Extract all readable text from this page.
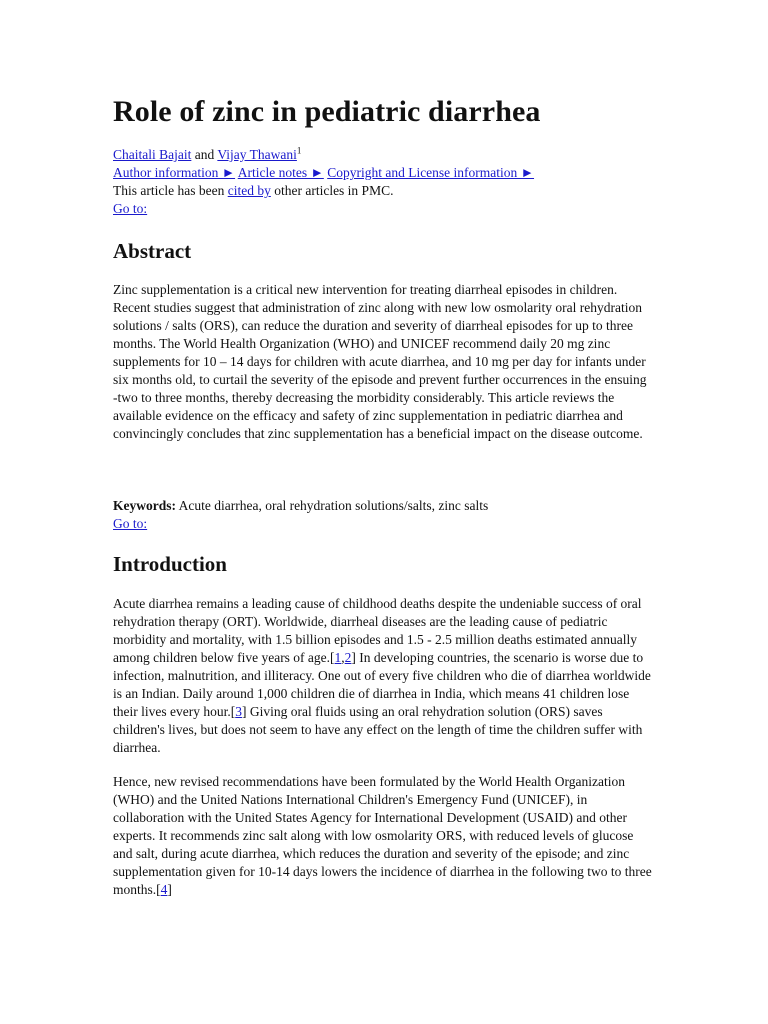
Role of zinc in pediatric diarrhea
Chaitali Bajait and Vijay Thawani$^1$
Author information ► Article notes ► Copyright and License information ►
This article has been cited by other articles in PMC.
Go to:
Abstract

Zinc supplementation is a critical new intervention for treating diarrheal episodes in children. Recent studies suggest that administration of zinc along with new low osmolarity oral rehydration solutions / salts (ORS), can reduce the duration and severity of diarrheal episodes for up to three months. The World Health Organization (WHO) and UNICEF recommend daily 20 mg zinc supplements for 10 – 14 days for children with acute diarrhea, and 10 mg per day for infants under six months old, to curtail the severity of the episode and prevent further occurrences in the ensuing -two to three months, thereby decreasing the morbidity considerably. This article reviews the available evidence on the efficacy and safety of zinc supplementation in pediatric diarrhea and convincingly concludes that zinc supplementation has a beneficial impact on the disease outcome.

Keywords: Acute diarrhea, oral rehydration solutions/salts, zinc salts
Go to:
Introduction

Acute diarrhea remains a leading cause of childhood deaths despite the undeniable success of oral rehydration therapy (ORT). Worldwide, diarrheal diseases are the leading cause of pediatric morbidity and mortality, with 1.5 billion episodes and 1.5 - 2.5 million deaths estimated annually among children below five years of age.[1,2] In developing countries, the scenario is worse due to infection, malnutrition, and illiteracy. One out of every five children who die of diarrhea worldwide is an Indian. Daily around 1,000 children die of diarrhea in India, which means 41 children lose their lives every hour.[3] Giving oral fluids using an oral rehydration solution (ORS) saves children's lives, but does not seem to have any effect on the length of time the children suffer with diarrhea.

Hence, new revised recommendations have been formulated by the World Health Organization (WHO) and the United Nations International Children's Emergency Fund (UNICEF), in collaboration with the United States Agency for International Development (USAID) and other experts. It recommends zinc salt along with low osmolarity ORS, with reduced levels of glucose and salt, during acute diarrhea, which reduces the duration and severity of the episode; and zinc supplementation given for 10-14 days lowers the incidence of diarrhea in the following two to three months.[4]
